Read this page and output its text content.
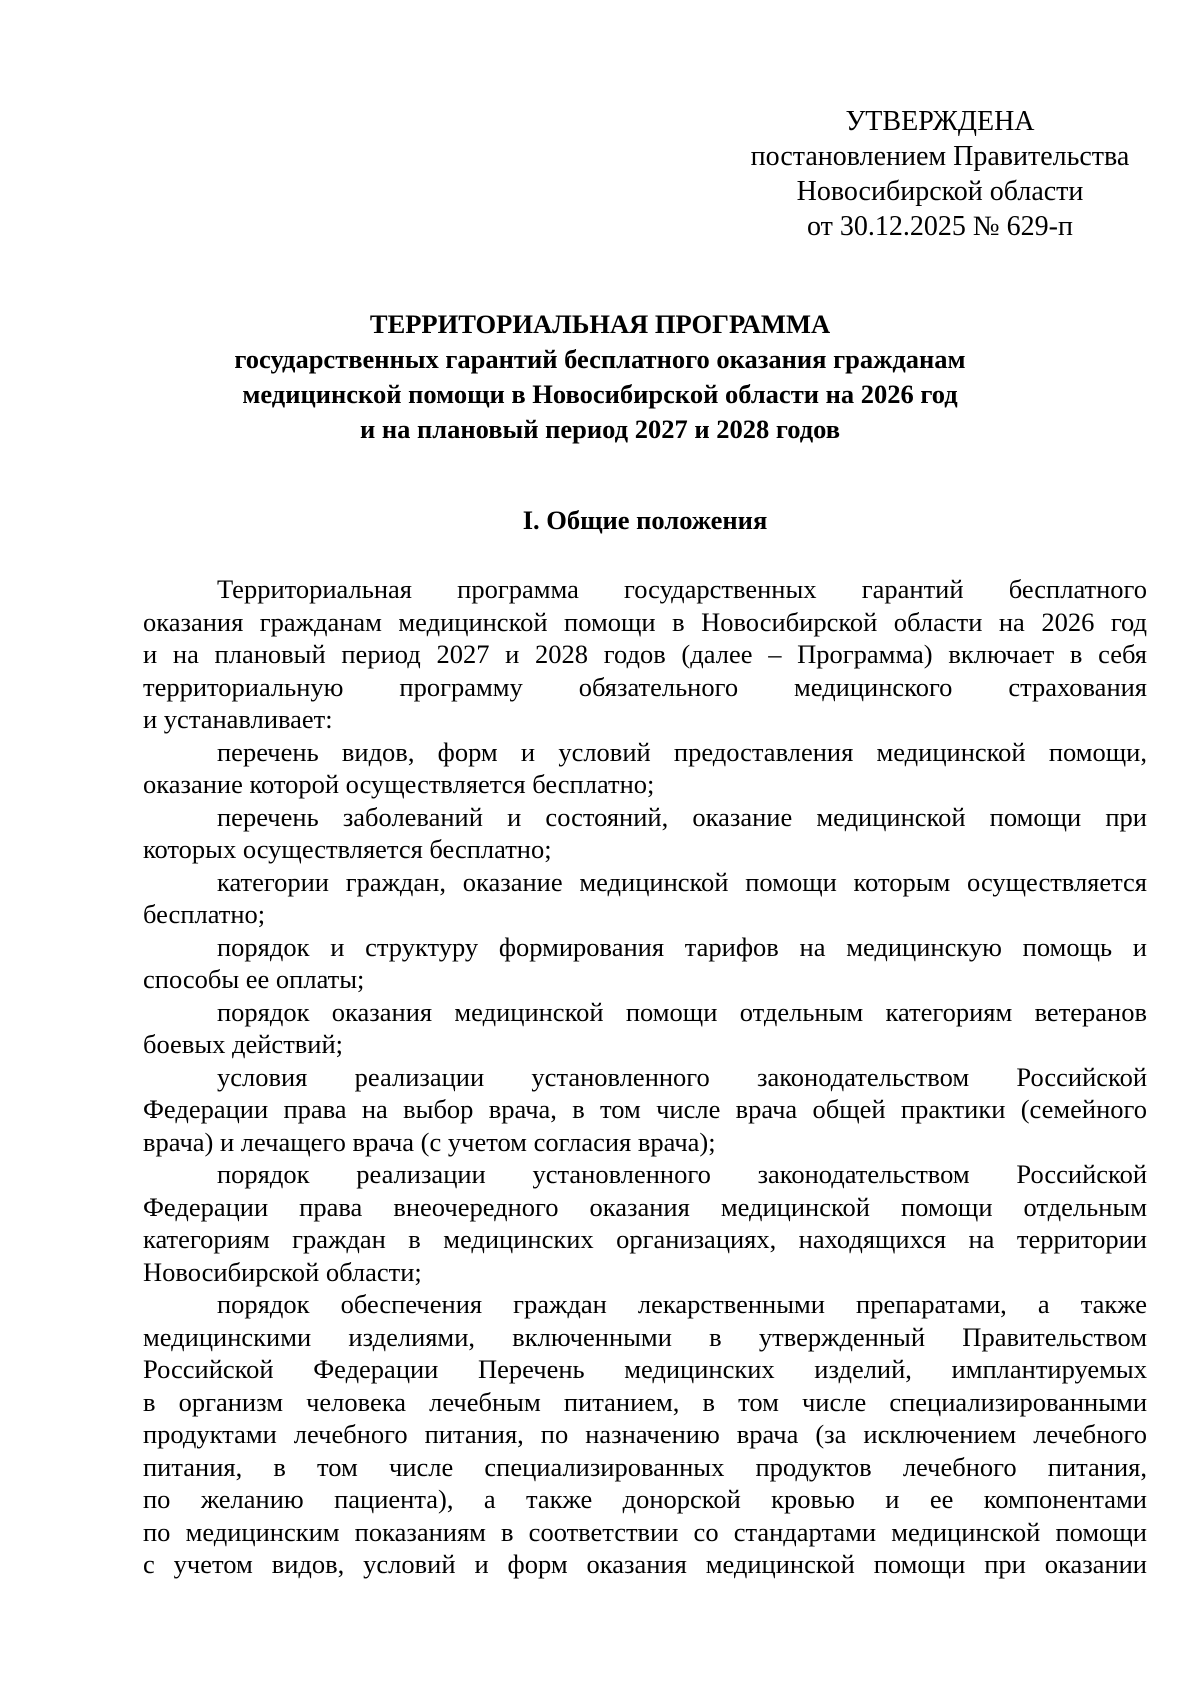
УТВЕРЖДЕНА
постановлением Правительства
Новосибирской области
от 30.12.2025 № 629-п
ТЕРРИТОРИАЛЬНАЯ ПРОГРАММА
государственных гарантий бесплатного оказания гражданам
медицинской помощи в Новосибирской области на 2026 год
и на плановый период 2027 и 2028 годов
I. Общие положения
Территориальная программа государственных гарантий бесплатного
оказания гражданам медицинской помощи в Новосибирской области на 2026 год
и на плановый период 2027 и 2028 годов (далее – Программа) включает в себя
территориальную программу обязательного медицинского страхования
и устанавливает:
перечень видов, форм и условий предоставления медицинской помощи,
оказание которой осуществляется бесплатно;
перечень заболеваний и состояний, оказание медицинской помощи при
которых осуществляется бесплатно;
категории граждан, оказание медицинской помощи которым осуществляется
бесплатно;
порядок и структуру формирования тарифов на медицинскую помощь и
способы ее оплаты;
порядок оказания медицинской помощи отдельным категориям ветеранов
боевых действий;
условия реализации установленного законодательством Российской
Федерации права на выбор врача, в том числе врача общей практики (семейного
врача) и лечащего врача (с учетом согласия врача);
порядок реализации установленного законодательством Российской
Федерации права внеочередного оказания медицинской помощи отдельным
категориям граждан в медицинских организациях, находящихся на территории
Новосибирской области;
порядок обеспечения граждан лекарственными препаратами, а также
медицинскими изделиями, включенными в утвержденный Правительством
Российской Федерации Перечень медицинских изделий, имплантируемых
в организм человека лечебным питанием, в том числе специализированными
продуктами лечебного питания, по назначению врача (за исключением лечебного
питания, в том числе специализированных продуктов лечебного питания,
по желанию пациента), а также донорской кровью и ее компонентами
по медицинским показаниям в соответствии со стандартами медицинской помощи
с учетом видов, условий и форм оказания медицинской помощи при оказании
